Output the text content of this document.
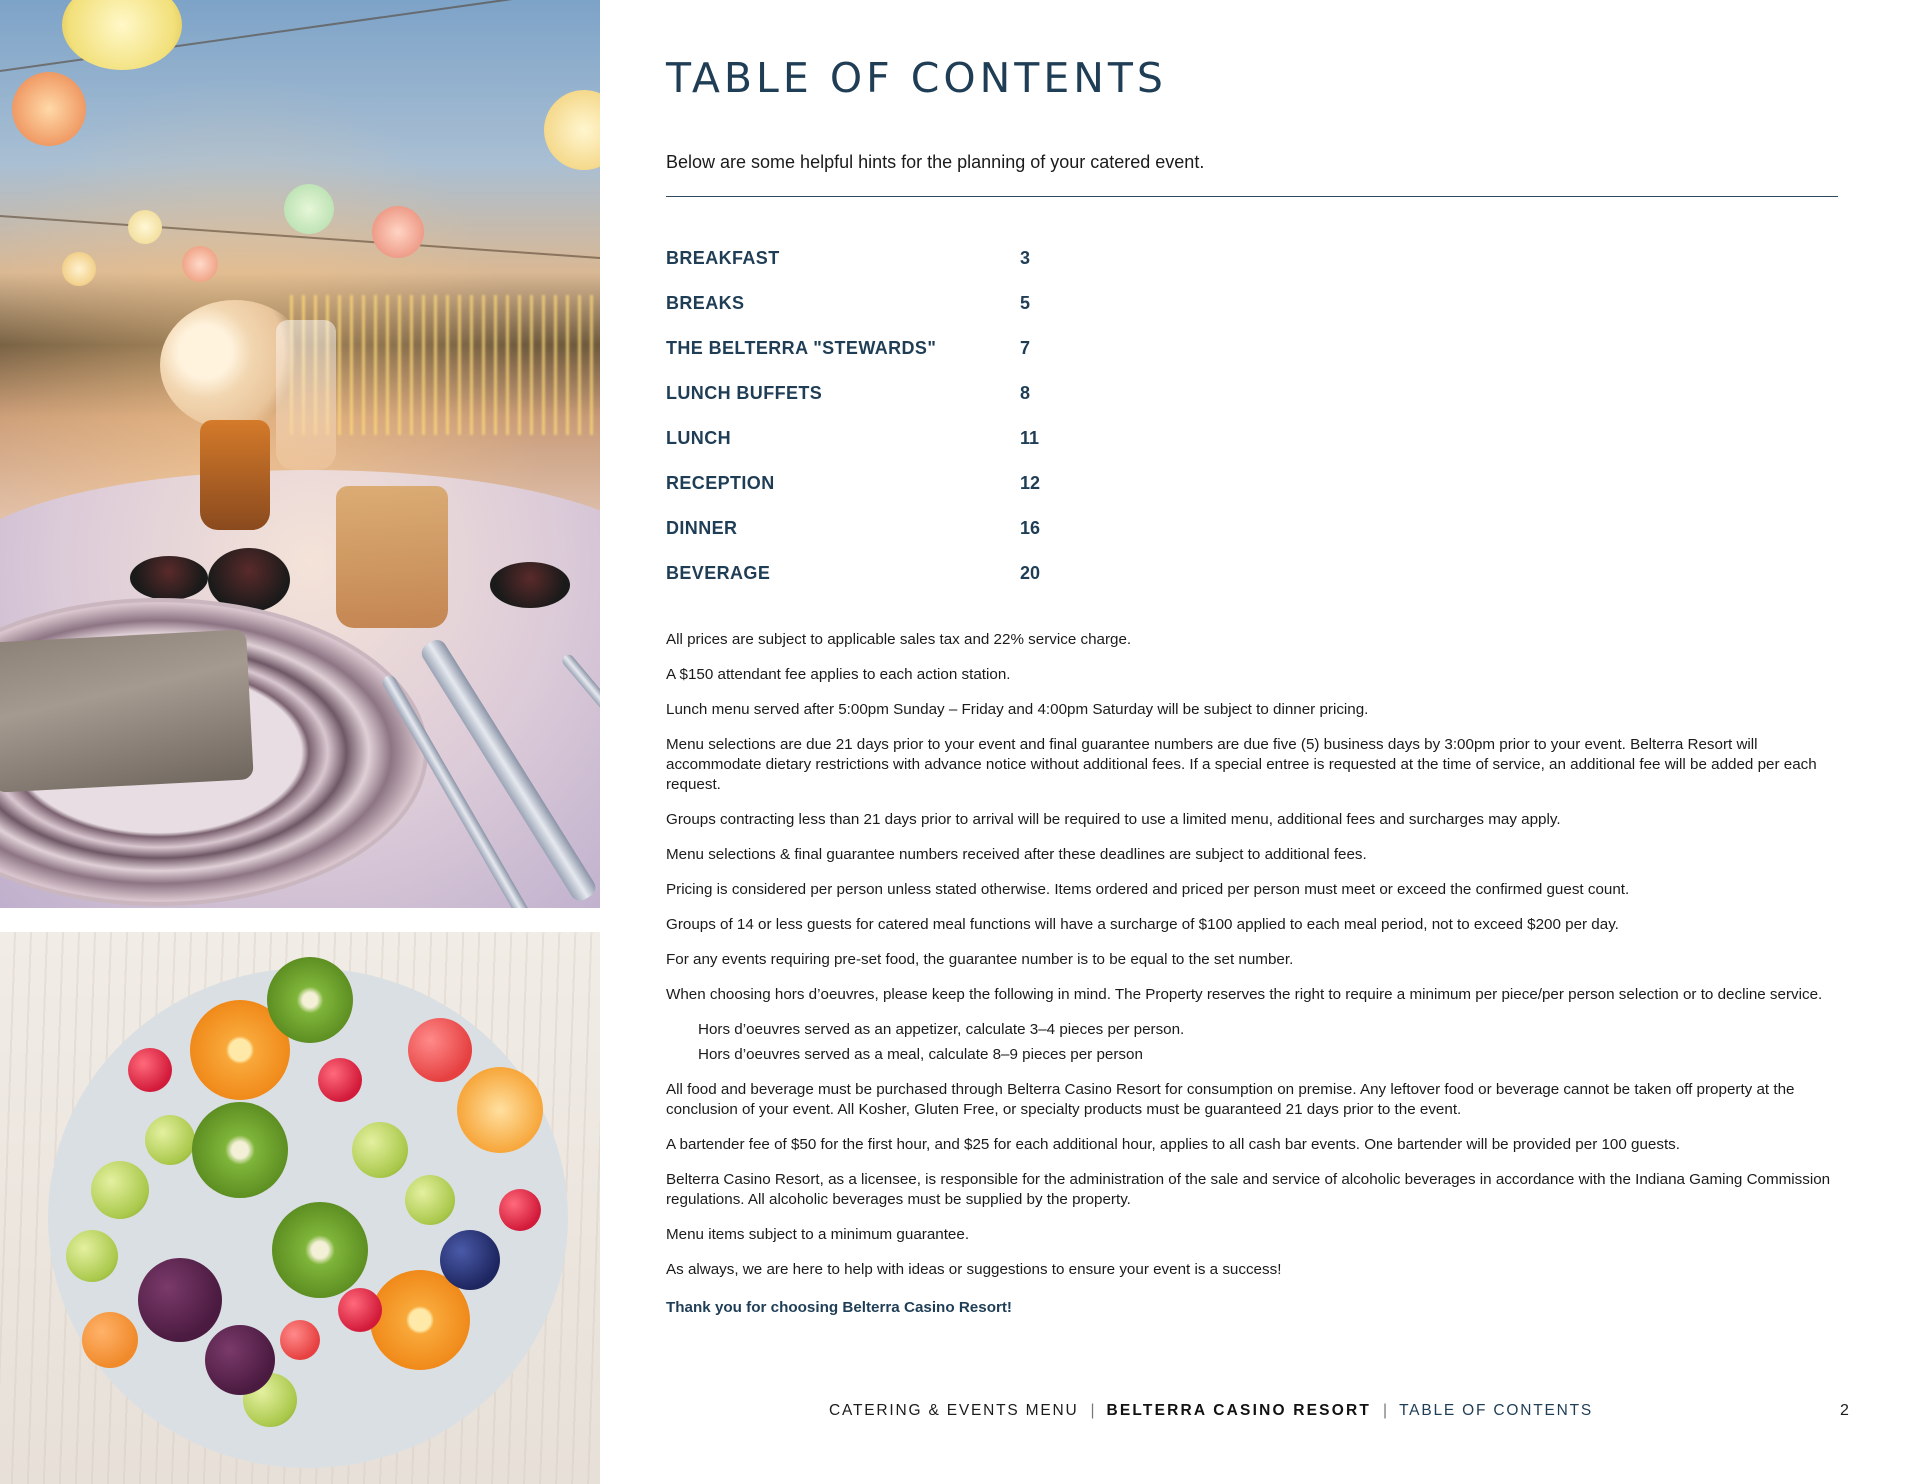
TABLE OF CONTENTS

Below are some helpful hints for the planning of your catered event.

BREAKFAST	3
BREAKS	5
THE BELTERRA "STEWARDS"	7
LUNCH BUFFETS	8
LUNCH	11
RECEPTION	12
DINNER	16
BEVERAGE	20

All prices are subject to applicable sales tax and 22% service charge.

A $150 attendant fee applies to each action station.

Lunch menu served after 5:00pm Sunday – Friday and 4:00pm Saturday will be subject to dinner pricing.

Menu selections are due 21 days prior to your event and final guarantee numbers are due five (5) business days by 3:00pm prior to your event. Belterra Resort will accommodate dietary restrictions with advance notice without additional fees. If a special entree is requested at the time of service, an additional fee will be added per each request.

Groups contracting less than 21 days prior to arrival will be required to use a limited menu, additional fees and surcharges may apply.

Menu selections & final guarantee numbers received after these deadlines are subject to additional fees.

Pricing is considered per person unless stated otherwise. Items ordered and priced per person must meet or exceed the confirmed guest count.

Groups of 14 or less guests for catered meal functions will have a surcharge of $100 applied to each meal period, not to exceed $200 per day.

For any events requiring pre-set food, the guarantee number is to be equal to the set number.

When choosing hors d’oeuvres, please keep the following in mind. The Property reserves the right to require a minimum per piece/per person selection or to decline service.

Hors d’oeuvres served as an appetizer, calculate 3–4 pieces per person.
Hors d’oeuvres served as a meal, calculate 8–9 pieces per person

All food and beverage must be purchased through Belterra Casino Resort for consumption on premise. Any leftover food or beverage cannot be taken off property at the conclusion of your event. All Kosher, Gluten Free, or specialty products must be guaranteed 21 days prior to the event.

A bartender fee of $50 for the first hour, and $25 for each additional hour, applies to all cash bar events. One bartender will be provided per 100 guests.

Belterra Casino Resort, as a licensee, is responsible for the administration of the sale and service of alcoholic beverages in accordance with the Indiana Gaming Commission regulations. All alcoholic beverages must be supplied by the property.

Menu items subject to a minimum guarantee.

As always, we are here to help with ideas or suggestions to ensure your event is a success!

Thank you for choosing Belterra Casino Resort!

CATERING & EVENTS MENU | BELTERRA CASINO RESORT | TABLE OF CONTENTS	2
